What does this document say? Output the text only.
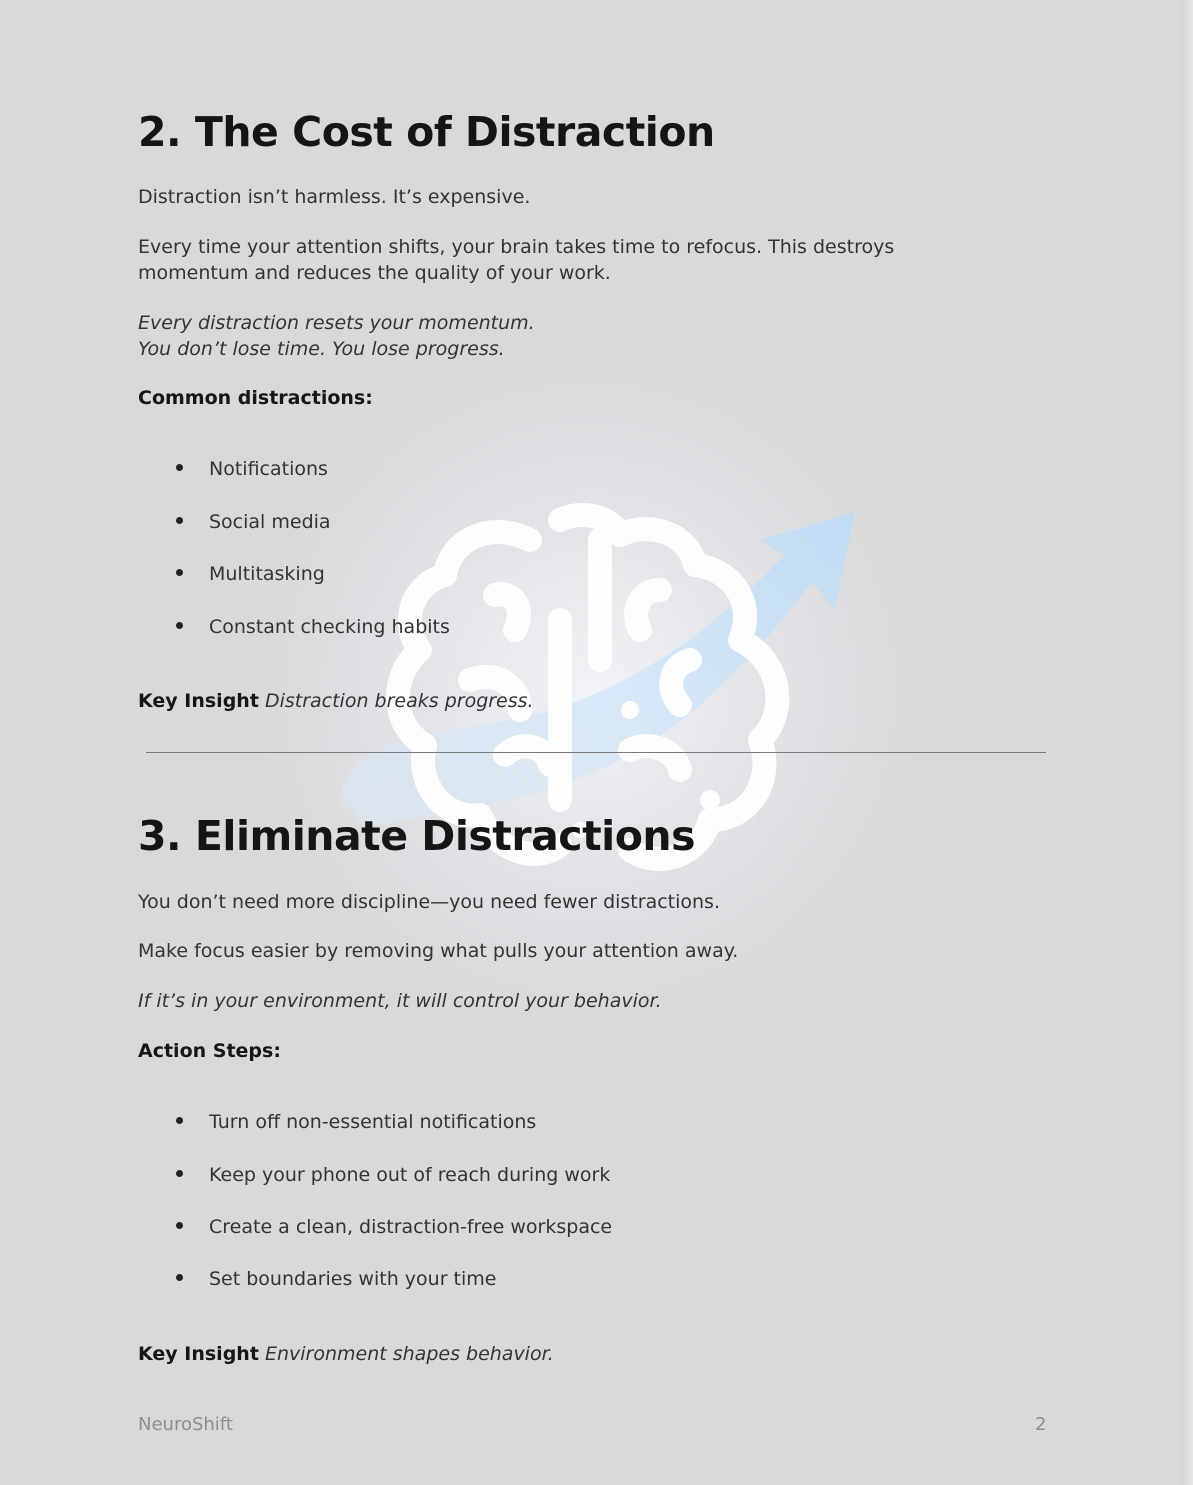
2. The Cost of Distraction
Distraction isn’t harmless. It’s expensive.
Every time your attention shifts, your brain takes time to refocus. This destroys
momentum and reduces the quality of your work.
Every distraction resets your momentum.
You don’t lose time. You lose progress.
Common distractions:
Notifications
Social media
Multitasking
Constant checking habits
Key Insight Distraction breaks progress.
3. Eliminate Distractions
You don’t need more discipline—you need fewer distractions.
Make focus easier by removing what pulls your attention away.
If it’s in your environment, it will control your behavior.
Action Steps:
Turn off non-essential notifications
Keep your phone out of reach during work
Create a clean, distraction-free workspace
Set boundaries with your time
Key Insight Environment shapes behavior.
NeuroShift	2
